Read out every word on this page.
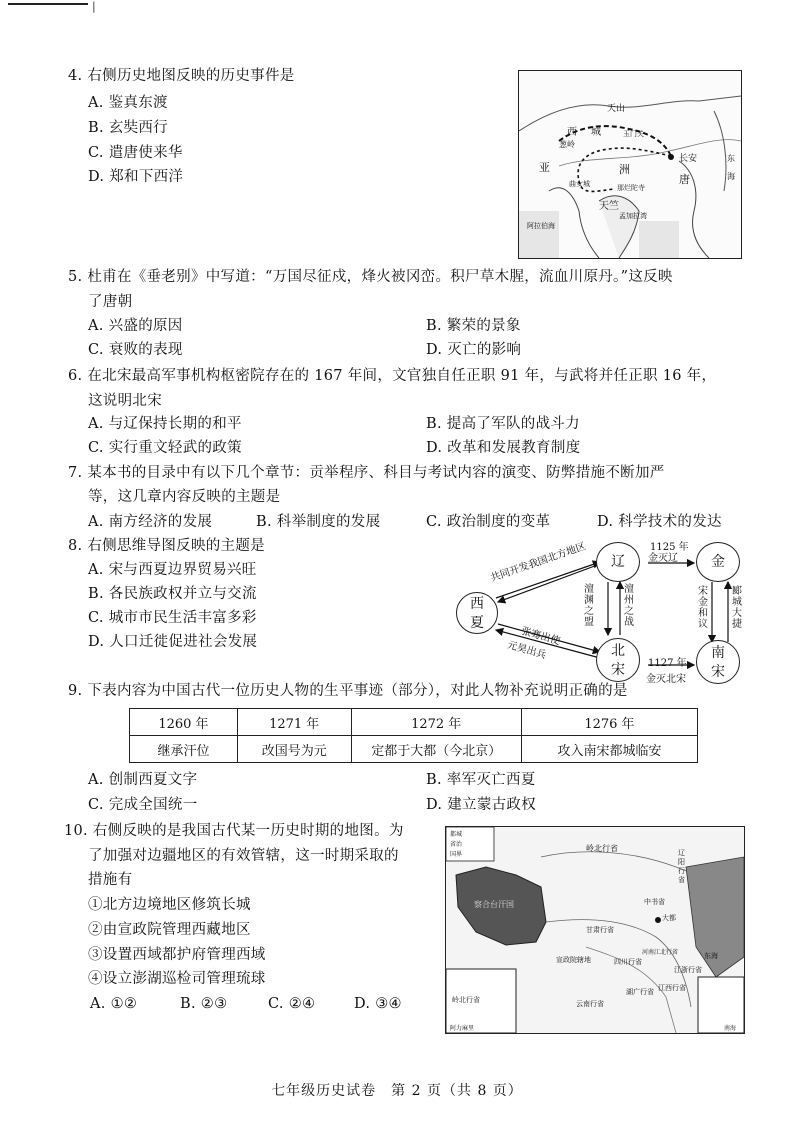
|
4. 右侧历史地图反映的历史事件是
A. 鉴真东渡
B. 玄奘西行
C. 遣唐使来华
D. 郑和下西洋
天山
西 城	玉门关
葱岭
长安
亚	洲
唐
东
海
曲女城	那烂陀寺
天竺
孟加拉湾
阿拉伯海
5. 杜甫在《垂老别》中写道：“万国尽征戍，烽火被冈峦。积尸草木腥，流血川原丹。”这反映
了唐朝
A. 兴盛的原因	B. 繁荣的景象
C. 衰败的表现	D. 灭亡的影响
6. 在北宋最高军事机构枢密院存在的 167 年间，文官独自任正职 91 年，与武将并任正职 16 年，
这说明北宋
A. 与辽保持长期的和平	B. 提高了军队的战斗力
C. 实行重文轻武的政策	D. 改革和发展教育制度
7. 某本书的目录中有以下几个章节：贡举程序、科目与考试内容的演变、防弊措施不断加严
等，这几章内容反映的主题是
A. 南方经济的发展	B. 科举制度的发展	C. 政治制度的变革	D. 科学技术的发达
8. 右侧思维导图反映的主题是
A. 宋与西夏边界贸易兴旺
B. 各民族政权并立与交流
C. 城市市民生活丰富多彩
D. 人口迁徙促进社会发展
辽	金
西
夏
北
宋
南
宋
1125 年
金灭辽
共同开发我国北方地区
澶渊之盟
澶州之战
宋金和议
郾城大捷
张骞出使
元昊出兵
1127 年
金灭北宋
9. 下表内容为中国古代一位历史人物的生平事迹（部分），对此人物补充说明正确的是
1260 年	1271 年	1272 年	1276 年
继承汗位	改国号为元	定都于大都（今北京）	攻入南宋都城临安
A. 创制西夏文字	B. 率军灭亡西夏
C. 完成全国统一	D. 建立蒙古政权
10. 右侧反映的是我国古代某一历史时期的地图。为
了加强对边疆地区的有效管辖，这一时期采取的
措施有
①北方边境地区修筑长城
②由宣政院管理西藏地区
③设置西域都护府管理西域
④设立澎湖巡检司管理琉球
A. ①②	B. ②③	C. ②④	D. ③④
岭北行省	辽阳行省
中书省
甘肃行省
宣政院辖地
河南江北行省
四川行省
江浙行省
江西行省
湖广行省
云南行省
大都
东海
南海
岭北行省
阿力麻里
察合台汗国
都城
省治
国界
七年级历史试卷　第 2 页（共 8 页）
